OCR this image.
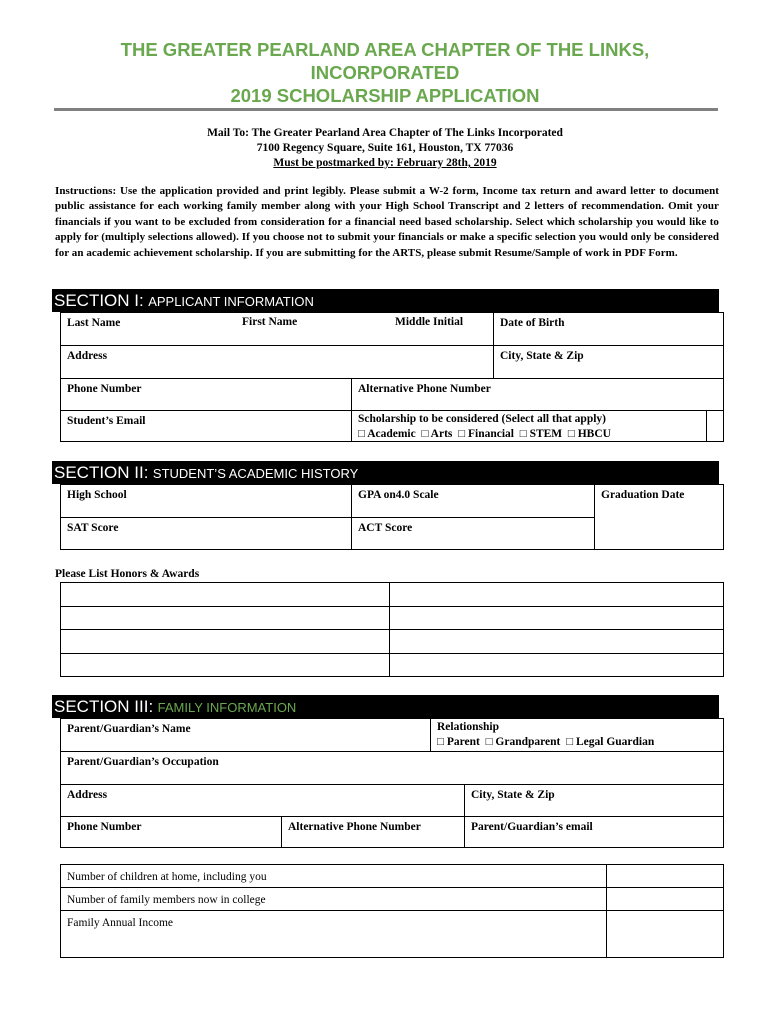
THE GREATER PEARLAND AREA CHAPTER OF THE LINKS,
INCORPORATED
2019 SCHOLARSHIP APPLICATION
Mail To: The Greater Pearland Area Chapter of The Links Incorporated
7100 Regency Square, Suite 161, Houston, TX 77036
Must be postmarked by: February 28th, 2019
Instructions: Use the application provided and print legibly. Please submit a W-2 form, Income tax return and award letter to document public assistance for each working family member along with your High School Transcript and 2 letters of recommendation. Omit your financials if you want to be excluded from consideration for a financial need based scholarship. Select which scholarship you would like to apply for (multiply selections allowed). If you choose not to submit your financials or make a specific selection you would only be considered for an academic achievement scholarship. If you are submitting for the ARTS, please submit Resume/Sample of work in PDF Form.
SECTION I: APPLICANT INFORMATION
Last Name	First Name	Middle Initial	Date of Birth
Address	City, State & Zip
Phone Number	Alternative Phone Number
Student’s Email	Scholarship to be considered (Select all that apply)
□ Academic  □ Arts  □ Financial  □ STEM  □ HBCU
SECTION II: STUDENT’S ACADEMIC HISTORY
High School	GPA on4.0 Scale	Graduation Date
SAT Score	ACT Score
Please List Honors & Awards
SECTION III: FAMILY INFORMATION
Parent/Guardian’s Name	Relationship
□ Parent  □ Grandparent  □ Legal Guardian
Parent/Guardian’s Occupation
Address	City, State & Zip
Phone Number	Alternative Phone Number	Parent/Guardian’s email
Number of children at home, including you
Number of family members now in college
Family Annual Income
